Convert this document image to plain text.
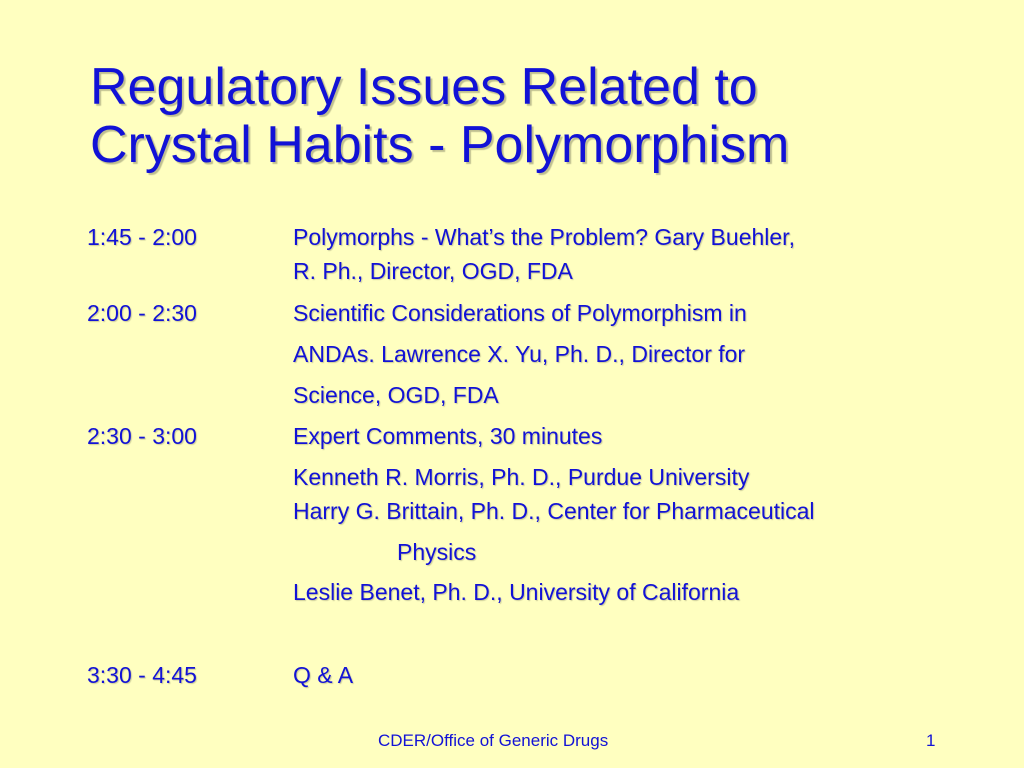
Regulatory Issues Related to
Crystal Habits - Polymorphism
1:45 - 2:00	Polymorphs - What’s the Problem? Gary Buehler,
R. Ph., Director, OGD, FDA
2:00 - 2:30	Scientific Considerations of Polymorphism in
ANDAs. Lawrence X. Yu, Ph. D., Director for
Science, OGD, FDA
2:30 - 3:00	Expert Comments, 30 minutes
Kenneth R. Morris, Ph. D., Purdue University
Harry G. Brittain, Ph. D., Center for Pharmaceutical
Physics
Leslie Benet, Ph. D., University of California
3:30 - 4:45	Q & A
CDER/Office of Generic Drugs	1
